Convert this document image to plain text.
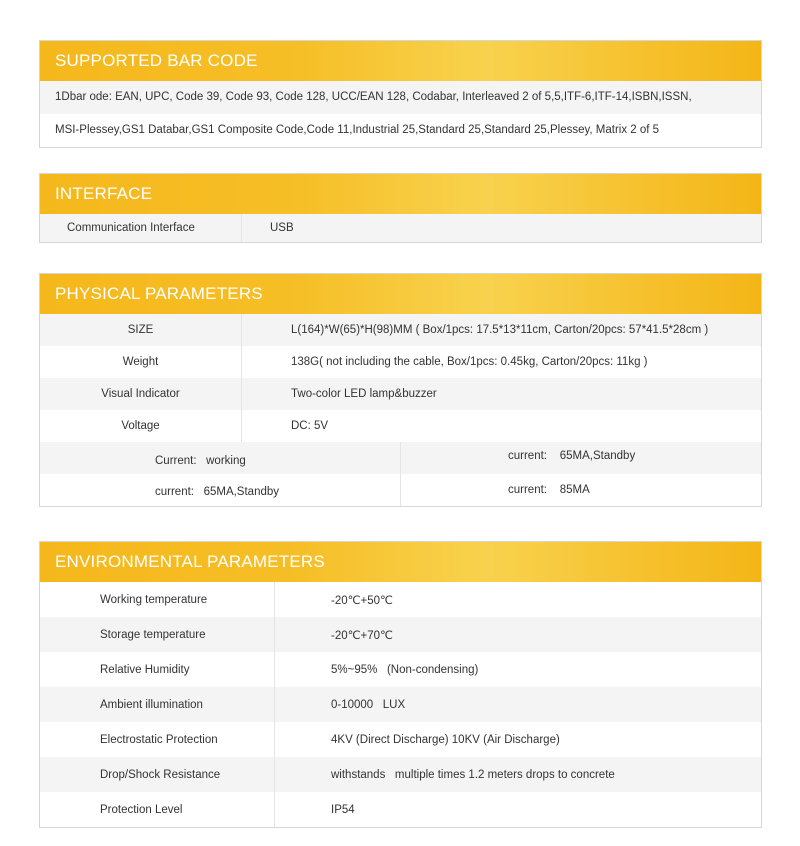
SUPPORTED BAR CODE
1Dbar ode: EAN, UPC, Code 39, Code 93, Code 128, UCC/EAN 128, Codabar, Interleaved 2 of 5,5,ITF-6,ITF-14,ISBN,ISSN,
MSI-Plessey,GS1 Databar,GS1 Composite Code,Code 11,Industrial 25,Standard 25,Standard 25,Plessey, Matrix 2 of 5
INTERFACE
Communication Interface	USB
PHYSICAL PARAMETERS
SIZE	L(164)*W(65)*H(98)MM ( Box/1pcs: 17.5*13*11cm, Carton/20pcs: 57*41.5*28cm )
Weight	138G( not including the cable, Box/1pcs: 0.45kg, Carton/20pcs: 11kg )
Visual Indicator	Two-color LED lamp&buzzer
Voltage	DC: 5V
Current:   working	current:    65MA,Standby
current:   65MA,Standby	current:    85MA
ENVIRONMENTAL PARAMETERS
Working temperature	-20℃+50℃
Storage temperature	-20℃+70℃
Relative Humidity	5%~95%   (Non-condensing)
Ambient illumination	0-10000   LUX
Electrostatic Protection	4KV (Direct Discharge) 10KV (Air Discharge)
Drop/Shock Resistance	withstands   multiple times 1.2 meters drops to concrete
Protection Level	IP54
